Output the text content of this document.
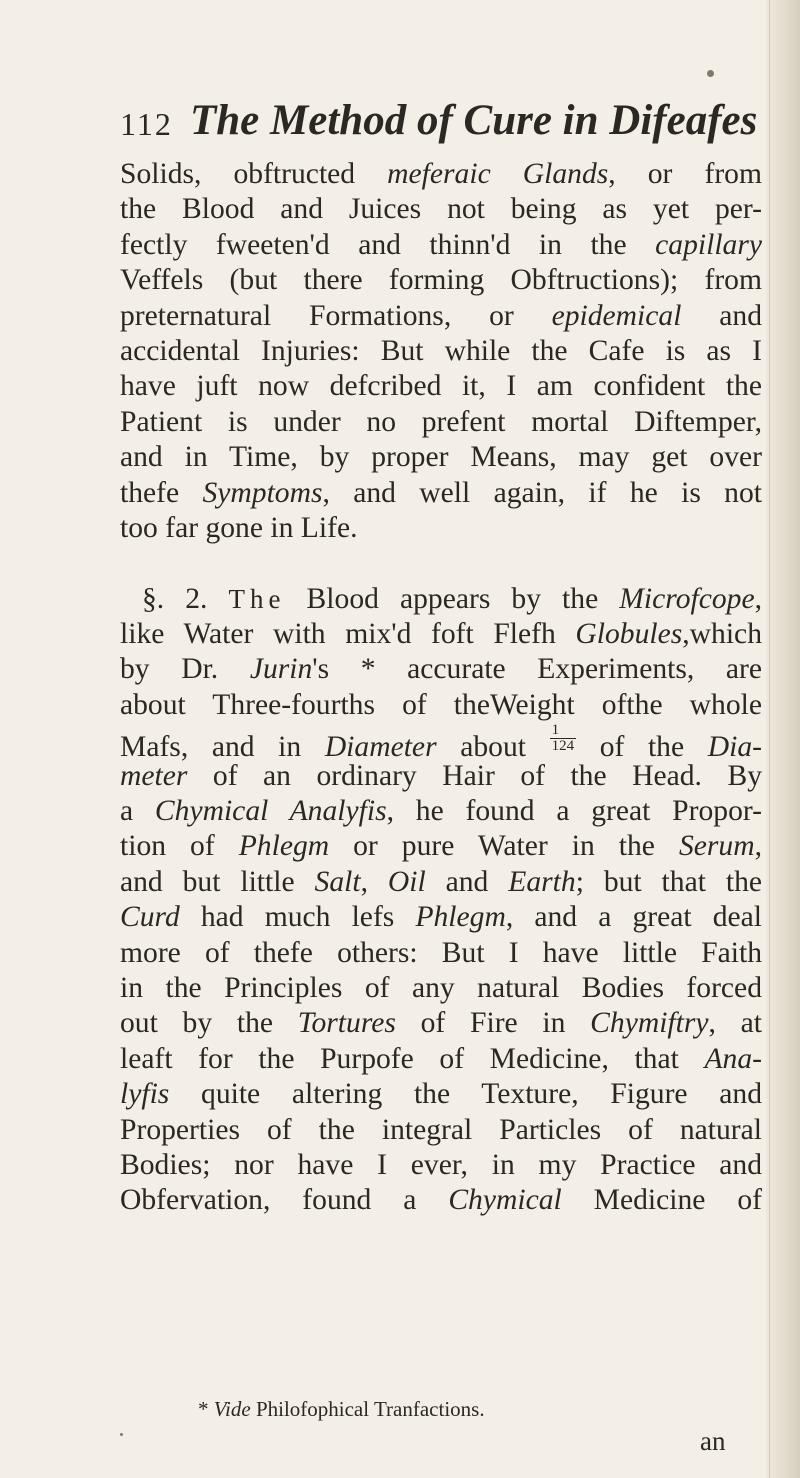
112 The Method of Cure in Difeafes
Solids, obftructed meferaic Glands, or from
the Blood and Juices not being as yet per-
fectly fweeten'd and thinn'd in the capillary
Veffels (but there forming Obftructions); from
preternatural Formations, or epidemical and
accidental Injuries: But while the Cafe is as I
have juft now defcribed it, I am confident the
Patient is under no prefent mortal Diftemper,
and in Time, by proper Means, may get over
thefe Symptoms, and well again, if he is not
too far gone in Life.
§. 2. The Blood appears by the Microfcope,
like Water with mix'd foft Flefh Globules,which
by Dr. Jurin's * accurate Experiments, are
about Three-fourths of theWeight ofthe whole
Mafs, and in Diameter about $\frac{1}{124}$ of the Dia-
meter of an ordinary Hair of the Head. By
a Chymical Analyfis, he found a great Propor-
tion of Phlegm or pure Water in the Serum,
and but little Salt, Oil and Earth; but that the
Curd had much lefs Phlegm, and a great deal
more of thefe others: But I have little Faith
in the Principles of any natural Bodies forced
out by the Tortures of Fire in Chymiftry, at
leaft for the Purpofe of Medicine, that Ana-
lyfis quite altering the Texture, Figure and
Properties of the integral Particles of natural
Bodies; nor have I ever, in my Practice and
Obfervation, found a Chymical Medicine of
* Vide Philofophical Tranfactions.
an
